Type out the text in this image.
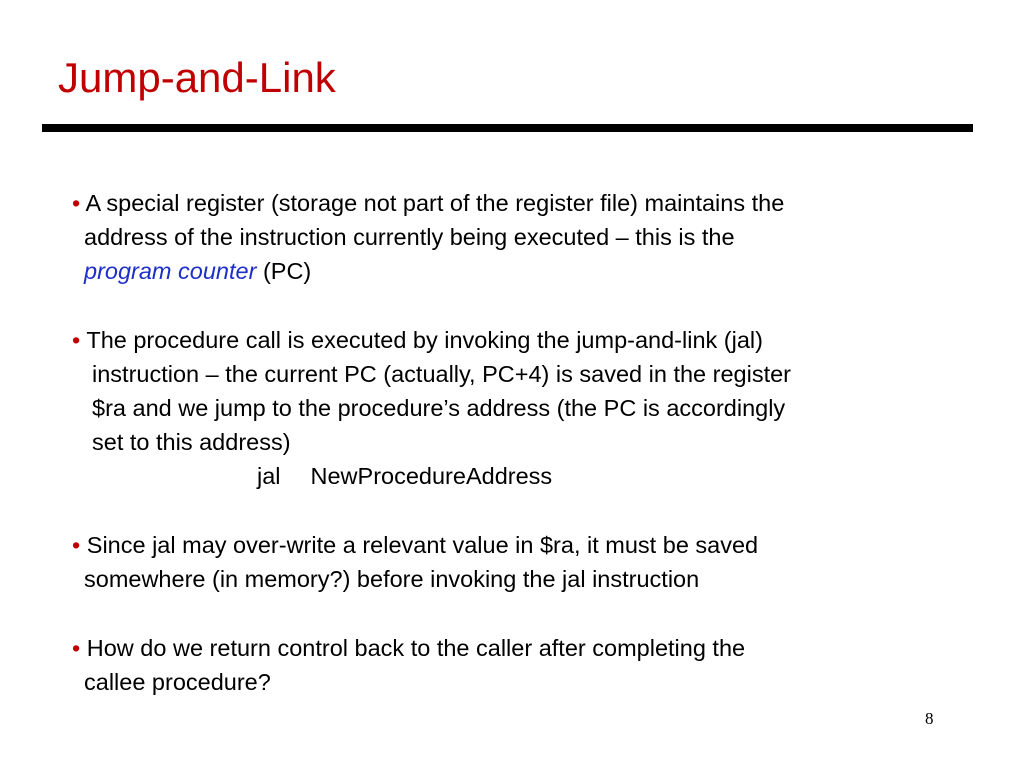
Jump-and-Link
• A special register (storage not part of the register file) maintains the
address of the instruction currently being executed – this is the
program counter (PC)
• The procedure call is executed by invoking the jump-and-link (jal)
instruction – the current PC (actually, PC+4) is saved in the register
$ra and we jump to the procedure’s address (the PC is accordingly
set to this address)
jal NewProcedureAddress
• Since jal may over-write a relevant value in $ra, it must be saved
somewhere (in memory?) before invoking the jal instruction
• How do we return control back to the caller after completing the
callee procedure?
8
